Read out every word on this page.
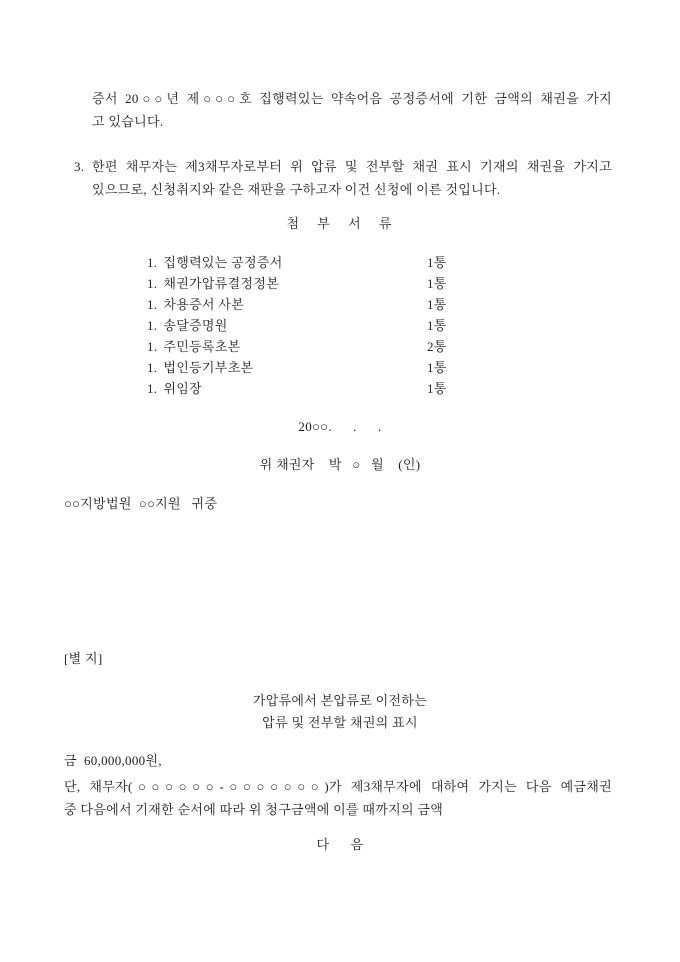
증서 20○○년 제○○○호 집행력있는 약속어음 공정증서에 기한 금액의 채권을 가지
고 있습니다.
3. 한편 채무자는 제3채무자로부터 위 압류 및 전부할 채권 표시 기재의 채권을 가지고
있으므로, 신청취지와 같은 재판을 구하고자 이건 신청에 이른 것입니다.
첨 부 서 류
1. 집행력있는 공정증서	1통
1. 채권가압류결정정본	1통
1. 차용증서 사본	1통
1. 송달증명원	1통
1. 주민등록초본	2통
1. 법인등기부초본	1통
1. 위임장	1통
20○○.      .      .
위 채권자    박   ○   월    (인)
○○지방법원  ○○지원   귀중
[별 지]
가압류에서 본압류로 이전하는
압류 및 전부할 채권의 표시
금  60,000,000원,
단, 채무자(○○○○○○-○○○○○○○)가 제3채무자에 대하여 가지는 다음 예금채권
중 다음에서 기재한 순서에 따라 위 청구금액에 이를 때까지의 금액
다      음
